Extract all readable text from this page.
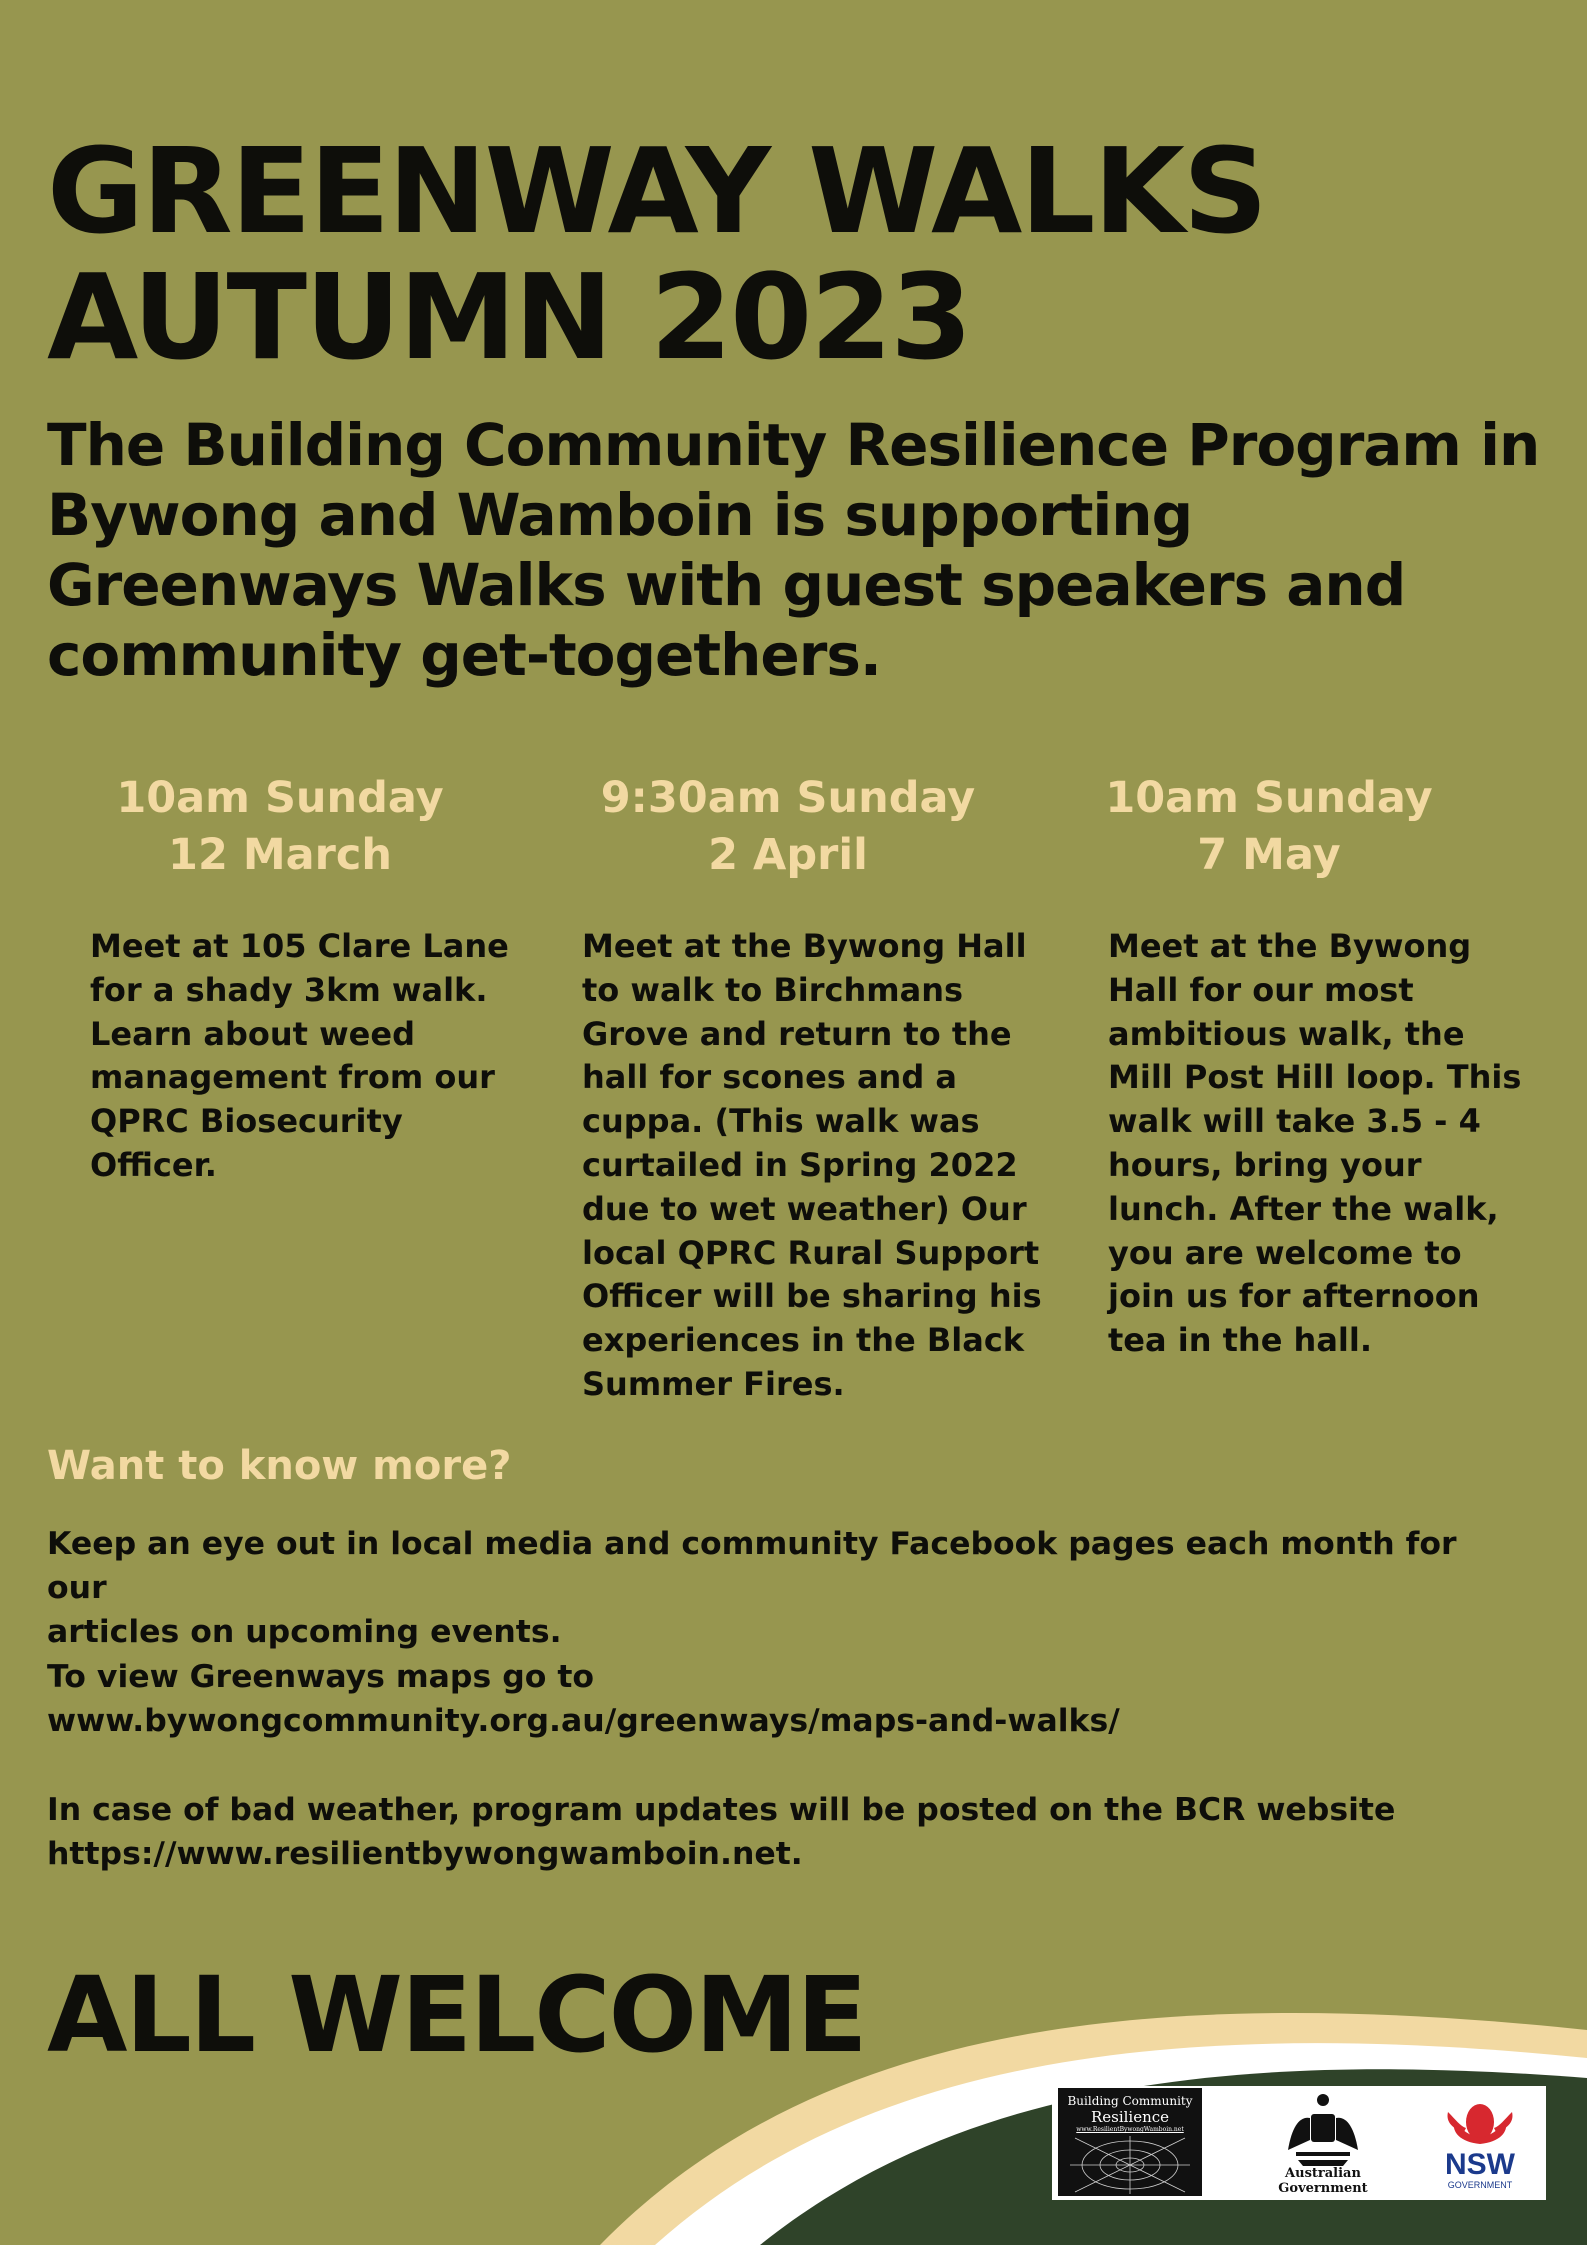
GREENWAY WALKS
AUTUMN 2023
The Building Community Resilience Program in
Bywong and Wamboin is supporting
Greenways Walks with guest speakers and
community get-togethers.
10am Sunday
12 March
Meet at 105 Clare Lane
for a shady 3km walk.
Learn about weed
management from our
QPRC Biosecurity
Officer.
9:30am Sunday
2 April
Meet at the Bywong Hall
to walk to Birchmans
Grove and return to the
hall for scones and a
cuppa. (This walk was
curtailed in Spring 2022
due to wet weather) Our
local QPRC Rural Support
Officer will be sharing his
experiences in the Black
Summer Fires.
10am Sunday
7 May
Meet at the Bywong
Hall for our most
ambitious walk, the
Mill Post Hill loop. This
walk will take 3.5 - 4
hours, bring your
lunch. After the walk,
you are welcome to
join us for afternoon
tea in the hall.
Want to know more?
Keep an eye out in local media and community Facebook pages each month for our
articles on upcoming events.
To view Greenways maps go to
www.bywongcommunity.org.au/greenways/maps-and-walks/
In case of bad weather, program updates will be posted on the BCR website
https://www.resilientbywongwamboin.net.
ALL WELCOME
Building Community
Resilience
www.ResilientBywongWamboin.net
Australian Government
NSW
GOVERNMENT
